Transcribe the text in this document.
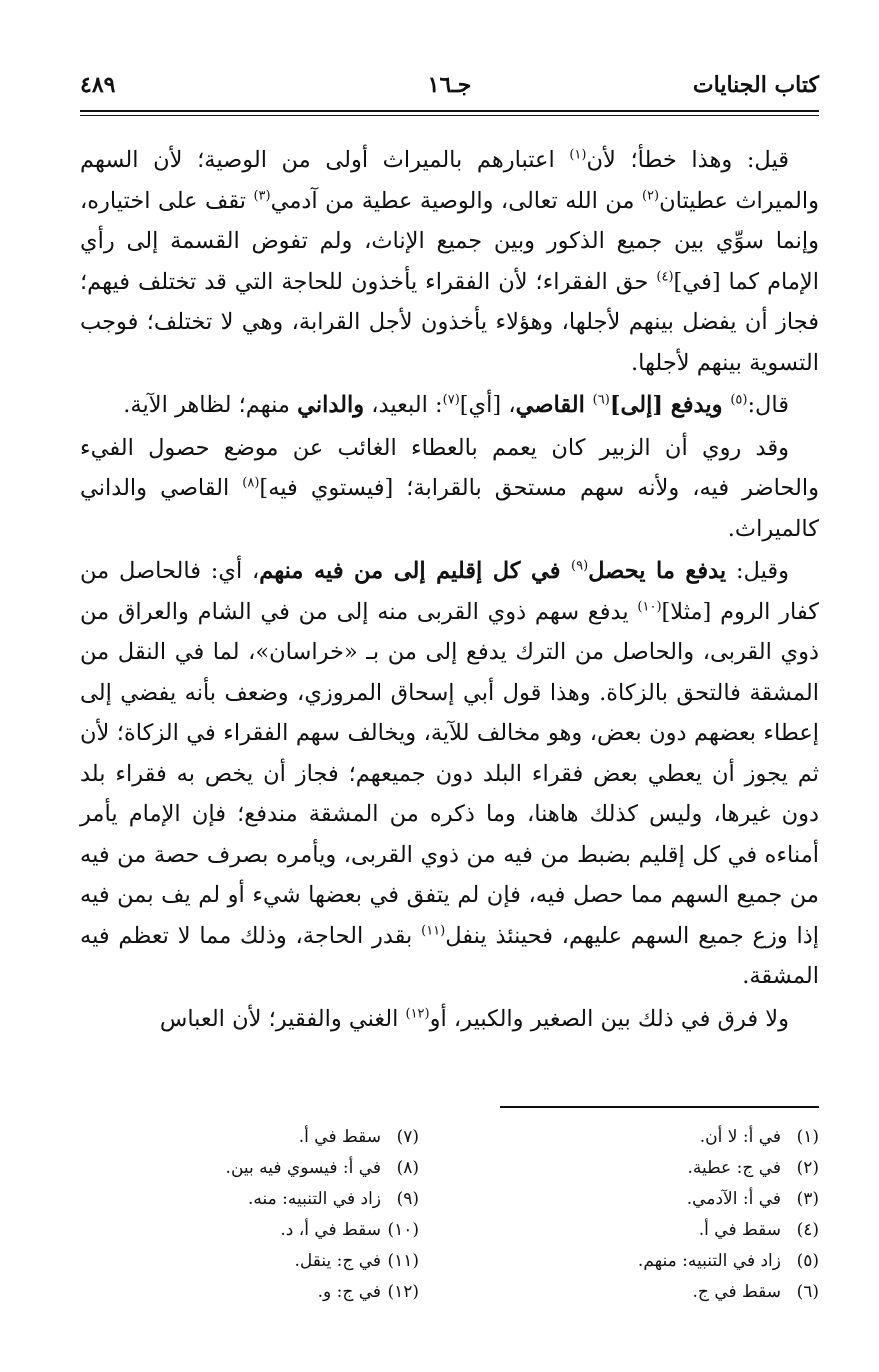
٤٨٩	جـ١٦	كتاب الجنايات

قيل: وهذا خطأ؛ لأن$^{(١)}$ اعتبارهم بالميراث أولى من الوصية؛ لأن السهم والميراث عطيتان$^{(٢)}$ من الله تعالى، والوصية عطية من آدمي$^{(٣)}$ تقف على اختياره، وإنما سوِّي بين جميع الذكور وبين جميع الإناث، ولم تفوض القسمة إلى رأي الإمام كما [في]$^{(٤)}$ حق الفقراء؛ لأن الفقراء يأخذون للحاجة التي قد تختلف فيهم؛ فجاز أن يفضل بينهم لأجلها، وهؤلاء يأخذون لأجل القرابة، وهي لا تختلف؛ فوجب التسوية بينهم لأجلها.

قال:$^{(٥)}$ ويدفع [إلى]$^{(٦)}$ القاصي، [أي]$^{(٧)}$: البعيد، والداني منهم؛ لظاهر الآية.

وقد روي أن الزبير كان يعمم بالعطاء الغائب عن موضع حصول الفيء والحاضر فيه، ولأنه سهم مستحق بالقرابة؛ [فيستوي فيه]$^{(٨)}$ القاصي والداني كالميراث.

وقيل: يدفع ما يحصل$^{(٩)}$ في كل إقليم إلى من فيه منهم، أي: فالحاصل من كفار الروم [مثلا]$^{(١٠)}$ يدفع سهم ذوي القربى منه إلى من في الشام والعراق من ذوي القربى، والحاصل من الترك يدفع إلى من بـ «خراسان»، لما في النقل من المشقة فالتحق بالزكاة. وهذا قول أبي إسحاق المروزي، وضعف بأنه يفضي إلى إعطاء بعضهم دون بعض، وهو مخالف للآية، ويخالف سهم الفقراء في الزكاة؛ لأن ثم يجوز أن يعطي بعض فقراء البلد دون جميعهم؛ فجاز أن يخص به فقراء بلد دون غيرها، وليس كذلك هاهنا، وما ذكره من المشقة مندفع؛ فإن الإمام يأمر أمناءه في كل إقليم بضبط من فيه من ذوي القربى، ويأمره بصرف حصة من فيه من جميع السهم مما حصل فيه، فإن لم يتفق في بعضها شيء أو لم يف بمن فيه إذا وزع جميع السهم عليهم، فحينئذ ينفل$^{(١١)}$ بقدر الحاجة، وذلك مما لا تعظم فيه المشقة.

ولا فرق في ذلك بين الصغير والكبير، أو$^{(١٢)}$ الغني والفقير؛ لأن العباس

(١)في أ: لا أن.
(٢)في ج: عطية.
(٣)في أ: الآدمي.
(٤)سقط في أ.
(٥)زاد في التنبيه: منهم.
(٦)سقط في ج.
(٧)سقط في أ.
(٨)في أ: فيسوي فيه بين.
(٩)زاد في التنبيه: منه.
(١٠)سقط في أ، د.
(١١)في ج: ينقل.
(١٢)في ج: و.
